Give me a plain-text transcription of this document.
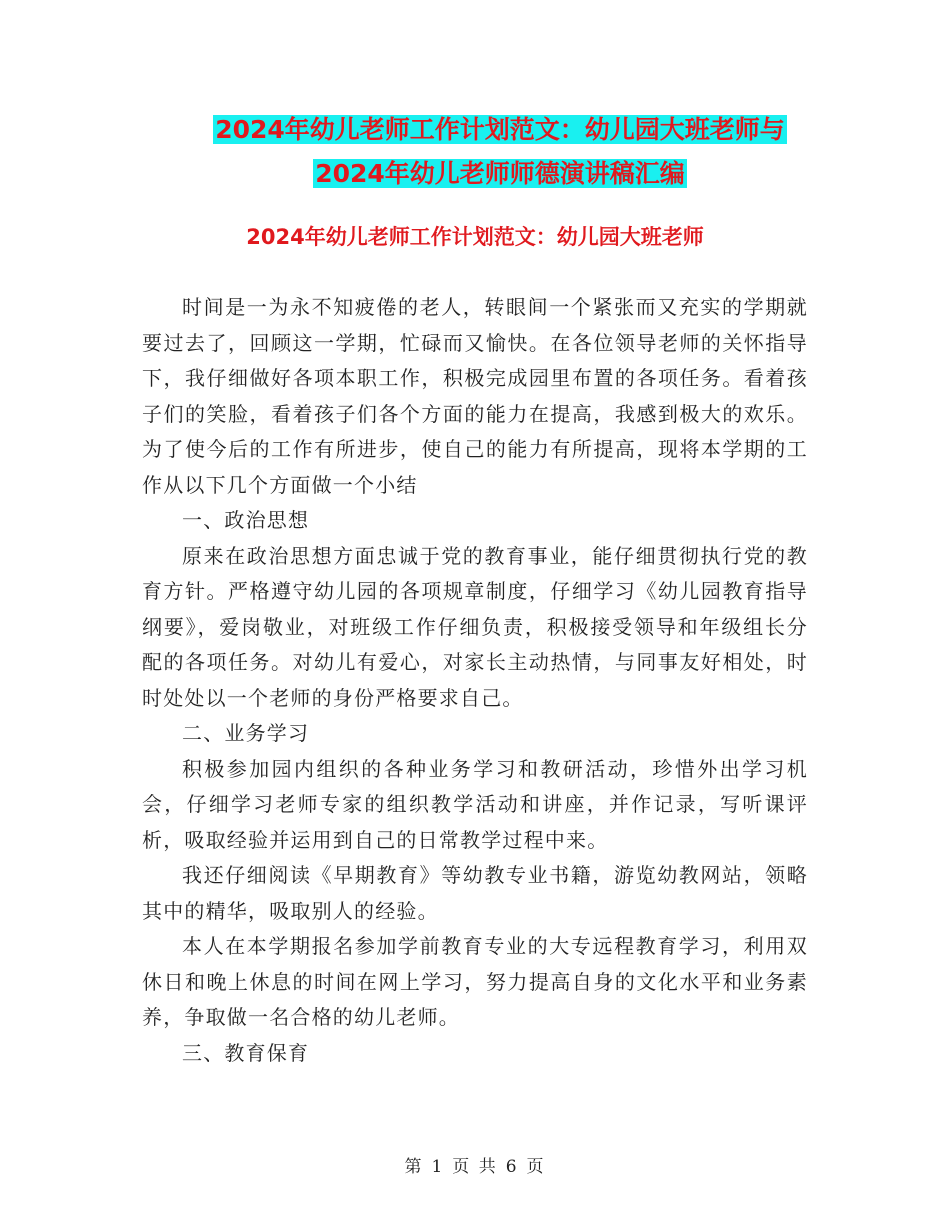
2024年幼儿老师工作计划范文：幼儿园大班老师与
2024年幼儿老师师德演讲稿汇编
2024年幼儿老师工作计划范文：幼儿园大班老师

时间是一为永不知疲倦的老人，转眼间一个紧张而又充实的学期就要过去了，回顾这一学期，忙碌而又愉快。在各位领导老师的关怀指导下，我仔细做好各项本职工作，积极完成园里布置的各项任务。看着孩子们的笑脸，看着孩子们各个方面的能力在提高，我感到极大的欢乐。为了使今后的工作有所进步，使自己的能力有所提高，现将本学期的工作从以下几个方面做一个小结

一、政治思想

原来在政治思想方面忠诚于党的教育事业，能仔细贯彻执行党的教育方针。严格遵守幼儿园的各项规章制度，仔细学习《幼儿园教育指导纲要》，爱岗敬业，对班级工作仔细负责，积极接受领导和年级组长分配的各项任务。对幼儿有爱心，对家长主动热情，与同事友好相处，时时处处以一个老师的身份严格要求自己。

二、业务学习

积极参加园内组织的各种业务学习和教研活动，珍惜外出学习机会，仔细学习老师专家的组织教学活动和讲座，并作记录，写听课评析，吸取经验并运用到自己的日常教学过程中来。

我还仔细阅读《早期教育》等幼教专业书籍，游览幼教网站，领略其中的精华，吸取别人的经验。

本人在本学期报名参加学前教育专业的大专远程教育学习，利用双休日和晚上休息的时间在网上学习，努力提高自身的文化水平和业务素养，争取做一名合格的幼儿老师。

三、教育保育

第 1 页 共 6 页
